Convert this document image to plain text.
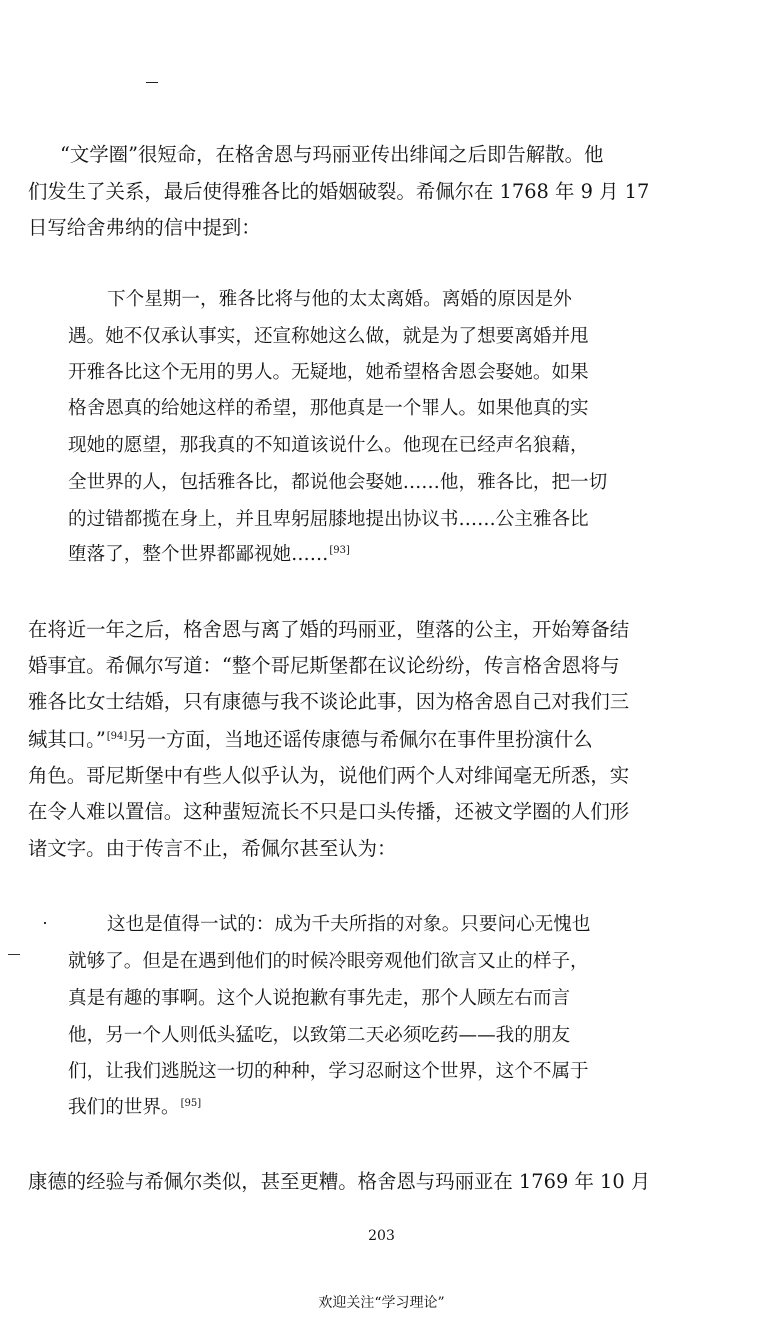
“文学圈”很短命，在格舍恩与玛丽亚传出绯闻之后即告解散。他
们发生了关系，最后使得雅各比的婚姻破裂。希佩尔在 1768 年 9 月 17
日写给舍弗纳的信中提到：
下个星期一，雅各比将与他的太太离婚。离婚的原因是外
遇。她不仅承认事实，还宣称她这么做，就是为了想要离婚并甩
开雅各比这个无用的男人。无疑地，她希望格舍恩会娶她。如果
格舍恩真的给她这样的希望，那他真是一个罪人。如果他真的实
现她的愿望，那我真的不知道该说什么。他现在已经声名狼藉，
全世界的人，包括雅各比，都说他会娶她……他，雅各比，把一切
的过错都揽在身上，并且卑躬屈膝地提出协议书……公主雅各比
堕落了，整个世界都鄙视她……[93]
在将近一年之后，格舍恩与离了婚的玛丽亚，堕落的公主，开始筹备结
婚事宜。希佩尔写道：“整个哥尼斯堡都在议论纷纷，传言格舍恩将与
雅各比女士结婚，只有康德与我不谈论此事，因为格舍恩自己对我们三
缄其口。”[94]另一方面，当地还谣传康德与希佩尔在事件里扮演什么
角色。哥尼斯堡中有些人似乎认为，说他们两个人对绯闻毫无所悉，实
在令人难以置信。这种蜚短流长不只是口头传播，还被文学圈的人们形
诸文字。由于传言不止，希佩尔甚至认为：
这也是值得一试的：成为千夫所指的对象。只要问心无愧也
就够了。但是在遇到他们的时候冷眼旁观他们欲言又止的样子，
真是有趣的事啊。这个人说抱歉有事先走，那个人顾左右而言
他，另一个人则低头猛吃，以致第二天必须吃药——我的朋友
们，让我们逃脱这一切的种种，学习忍耐这个世界，这个不属于
我们的世界。[95]
康德的经验与希佩尔类似，甚至更糟。格舍恩与玛丽亚在 1769 年 10 月
203
欢迎关注“学习理论”
